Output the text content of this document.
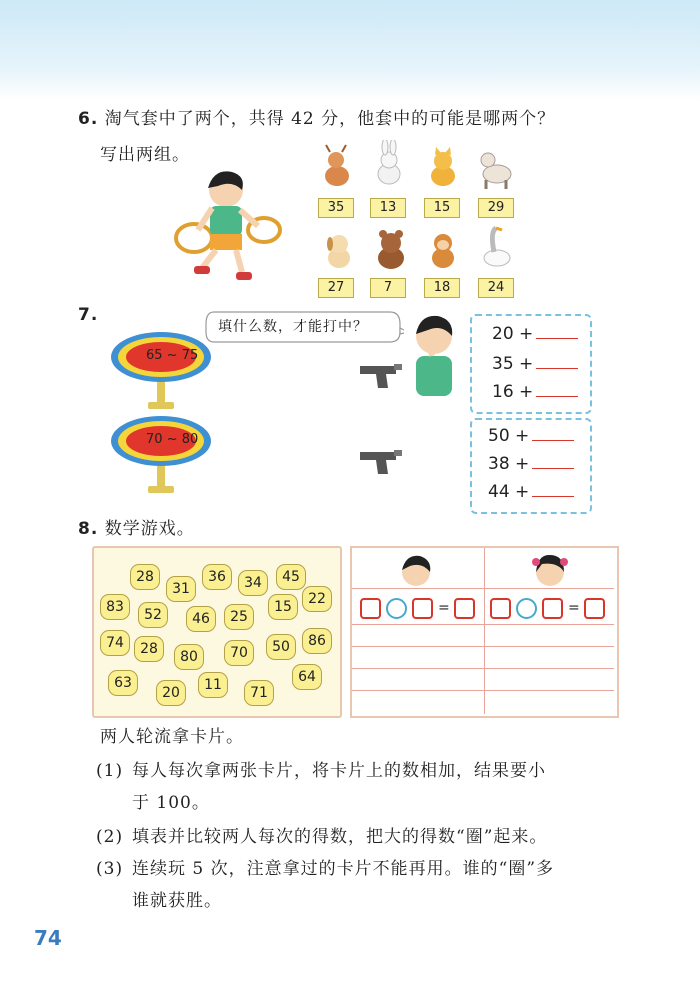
6. 淘气套中了两个，共得 42 分，他套中的可能是哪两个？
写出两组。
35	13	15	29
27	7	18	24
7.
填什么数，才能打中？
65 ~ 75
70 ~ 80
20 +
35 +
16 +
50 +
38 +
44 +
8. 数学游戏。
28
31
36	34	45
83	52	46	25
15	22
74	28	80	70	50	86
63
20	11	71
64
=	=
两人轮流拿卡片。
(1) 每人每次拿两张卡片，将卡片上的数相加，结果要小
于 100。
(2) 填表并比较两人每次的得数，把大的得数“圈”起来。
(3) 连续玩 5 次，注意拿过的卡片不能再用。谁的“圈”多
谁就获胜。
74
